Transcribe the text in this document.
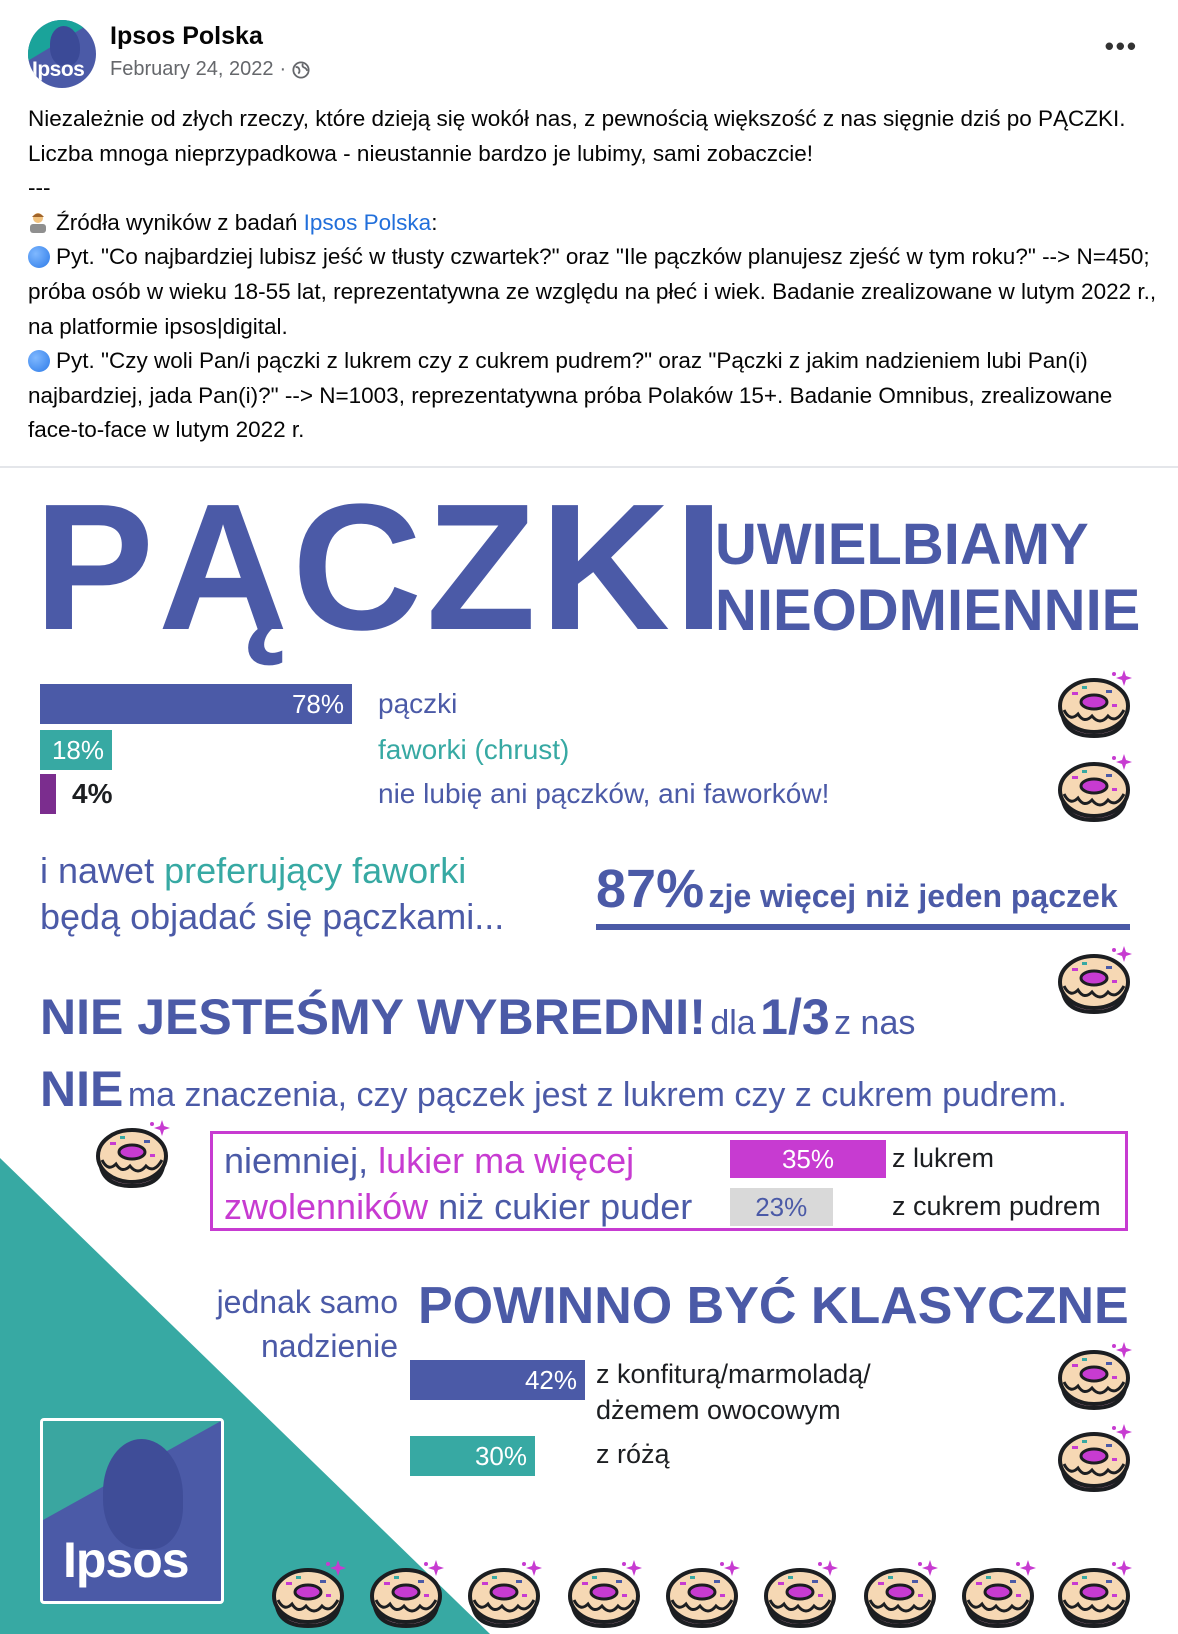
Ipsos
Ipsos Polska
February 24, 2022 ·
•••

Niezależnie od złych rzeczy, które dzieją się wokół nas, z pewnością większość z nas sięgnie dziś po PĄCZKI. Liczba mnoga nieprzypadkowa - nieustannie bardzo je lubimy, sami zobaczcie!

---

Źródła wyników z badań Ipsos Polska:

Pyt. "Co najbardziej lubisz jeść w tłusty czwartek?" oraz "Ile pączków planujesz zjeść w tym roku?" --> N=450; próba osób w wieku 18-55 lat, reprezentatywna ze względu na płeć i wiek. Badanie zrealizowane w lutym 2022 r., na platformie ipsos|digital.

Pyt. "Czy woli Pan/i pączki z lukrem czy z cukrem pudrem?" oraz "Pączki z jakim nadzieniem lubi Pan(i) najbardziej, jada Pan(i)?" --> N=1003, reprezentatywna próba Polaków 15+. Badanie Omnibus, zrealizowane face-to-face w lutym 2022 r.

PĄCZKI
UWIELBIAMY
NIEODMIENNIE
78% pączki
18%	faworki (chrust)
4%	nie lubię ani pączków, ani faworków!
i nawet preferujący faworki
będą objadać się pączkami... 87% zje więcej niż jeden pączek
NIE JESTEŚMY WYBREDNI! dla 1/3 z nas
NIE ma znaczenia, czy pączek jest z lukrem czy z cukrem pudrem.
niemniej, lukier ma więcej
zwolenników niż cukier puder
35%	z lukrem
23%	z cukrem pudrem
jednak samo
nadzienie
POWINNO BYĆ KLASYCZNE
42% z konfiturą/marmoladą/
dżemem owocowym
30%	z różą
Ipsos
